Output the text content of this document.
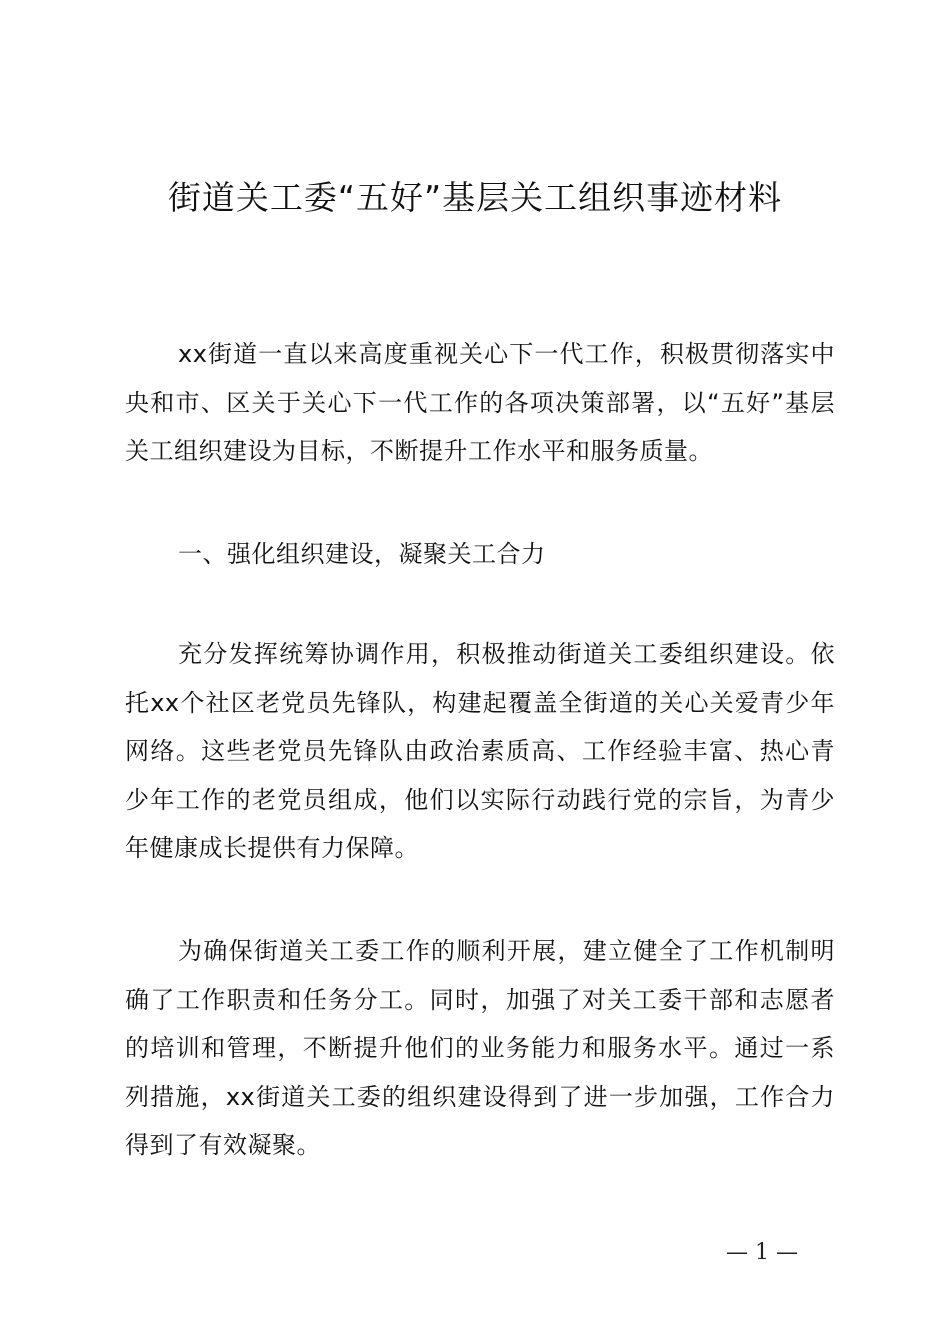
街道关工委“五好”基层关工组织事迹材料

xx街道一直以来高度重视关心下一代工作，积极贯彻落实中央和市、区关于关心下一代工作的各项决策部署，以“五好”基层关工组织建设为目标，不断提升工作水平和服务质量。

一、强化组织建设，凝聚关工合力

充分发挥统筹协调作用，积极推动街道关工委组织建设。依托xx个社区老党员先锋队，构建起覆盖全街道的关心关爱青少年网络。这些老党员先锋队由政治素质高、工作经验丰富、热心青少年工作的老党员组成，他们以实际行动践行党的宗旨，为青少年健康成长提供有力保障。

为确保街道关工委工作的顺利开展，建立健全了工作机制明确了工作职责和任务分工。同时，加强了对关工委干部和志愿者的培训和管理，不断提升他们的业务能力和服务水平。通过一系列措施，xx街道关工委的组织建设得到了进一步加强，工作合力得到了有效凝聚。

— 1 —
